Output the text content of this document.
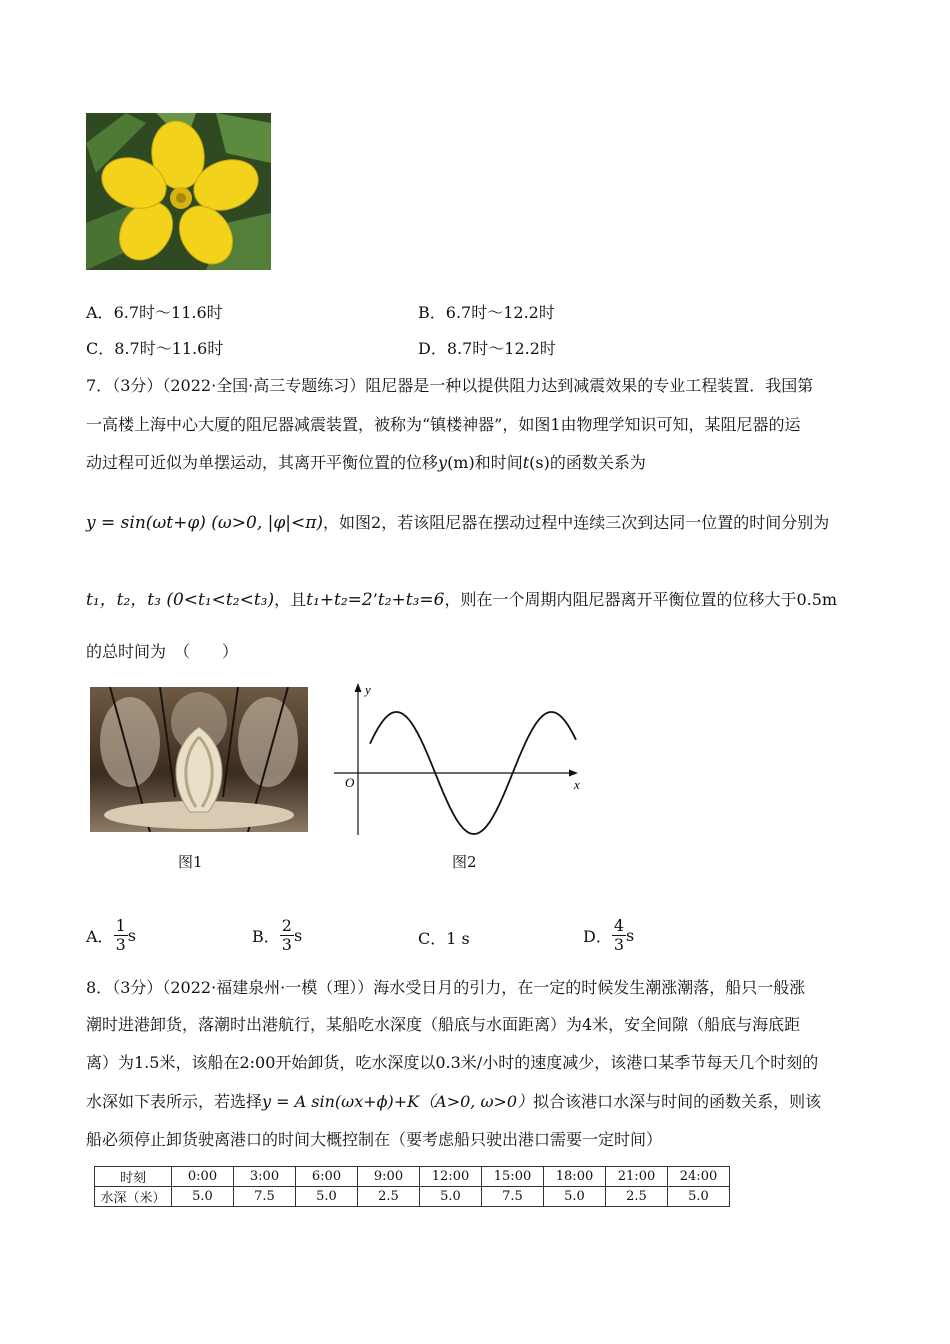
A．6.7时～11.6时	B．6.7时～12.2时
C．8.7时～11.6时	D．8.7时～12.2时
7．（3分）（2022·全国·高三专题练习）阻尼器是一种以提供阻力达到减震效果的专业工程装置．我国第
一高楼上海中心大厦的阻尼器减震装置，被称为“镇楼神器”，如图1由物理学知识可知，某阻尼器的运
动过程可近似为单摆运动，其离开平衡位置的位移y(m)和时间t(s)的函数关系为
y = sin(ωt+φ) (ω>0, |φ|<π)，如图2，若该阻尼器在摆动过程中连续三次到达同一位置的时间分别为
t₁，t₂，t₃ (0<t₁<t₂<t₃)，且t₁+t₂=2’t₂+t₃=6，则在一个周期内阻尼器离开平衡位置的位移大于0.5m
的总时间为　（　　）
y
x
O
图1	图2
A． $\frac{1}{3}$ s	B． $\frac{2}{3}$ s	C．1 s	D． $\frac{4}{3}$ s
8．（3分）（2022·福建泉州·一模（理））海水受日月的引力，在一定的时候发生潮涨潮落，船只一般涨
潮时进港卸货，落潮时出港航行，某船吃水深度（船底与水面距离）为4米，安全间隙（船底与海底距
离）为1.5米，该船在2:00开始卸货，吃水深度以0.3米/小时的速度减少，该港口某季节每天几个时刻的
水深如下表所示，若选择y = A sin(ωx+ϕ)+K（A>0, ω>0）拟合该港口水深与时间的函数关系，则该
船必须停止卸货驶离港口的时间大概控制在（要考虑船只驶出港口需要一定时间）
时刻	0:00	3:00	6:00	9:00	12:00	15:00	18:00	21:00	24:00
水深（米）	5.0	7.5	5.0	2.5	5.0	7.5	5.0	2.5	5.0
